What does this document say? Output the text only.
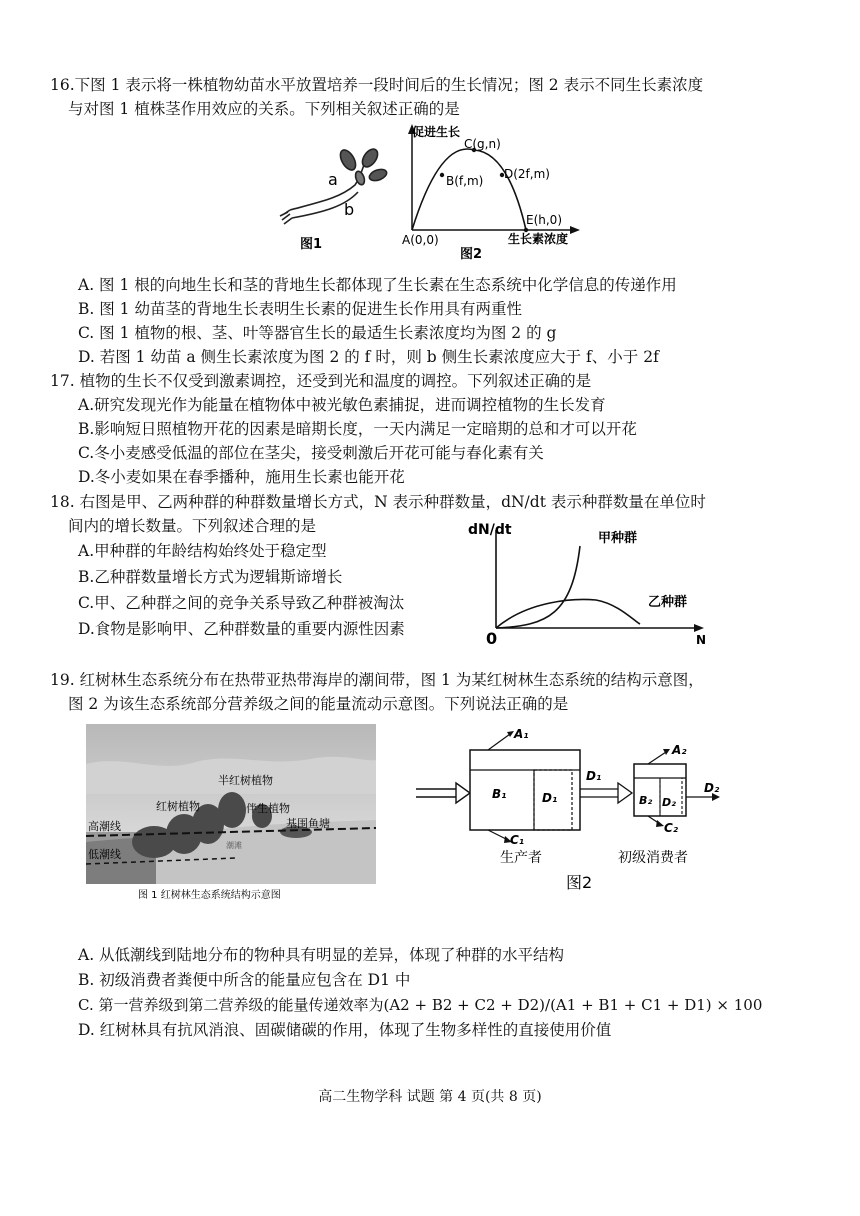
16.下图 1 表示将一株植物幼苗水平放置培养一段时间后的生长情况；图 2 表示不同生长素浓度
与对图 1 植株茎作用效应的关系。下列相关叙述正确的是
a
b
图1
促进生长
C(g,n)
B(f,m) D(2f,m)
E(h,0)
A(0,0)	生长素浓度
图2
A. 图 1 根的向地生长和茎的背地生长都体现了生长素在生态系统中化学信息的传递作用
B. 图 1 幼苗茎的背地生长表明生长素的促进生长作用具有两重性
C. 图 1 植物的根、茎、叶等器官生长的最适生长素浓度均为图 2 的 g
D. 若图 1 幼苗 a 侧生长素浓度为图 2 的 f 时，则 b 侧生长素浓度应大于 f、小于 2f
17. 植物的生长不仅受到激素调控，还受到光和温度的调控。下列叙述正确的是
A.研究发现光作为能量在植物体中被光敏色素捕捉，进而调控植物的生长发育
B.影响短日照植物开花的因素是暗期长度，一天内满足一定暗期的总和才可以开花
C.冬小麦感受低温的部位在茎尖，接受刺激后开花可能与春化素有关
D.冬小麦如果在春季播种，施用生长素也能开花
18. 右图是甲、乙两种群的种群数量增长方式，N 表示种群数量，dN/dt 表示种群数量在单位时
间内的增长数量。下列叙述合理的是
A.甲种群的年龄结构始终处于稳定型
B.乙种群数量增长方式为逻辑斯谛增长
C.甲、乙种群之间的竞争关系导致乙种群被淘汰
D.食物是影响甲、乙种群数量的重要内源性因素
dN/dt
甲种群
乙种群
0	N
19. 红树林生态系统分布在热带亚热带海岸的潮间带，图 1 为某红树林生态系统的结构示意图，
图 2 为该生态系统部分营养级之间的能量流动示意图。下列说法正确的是
半红树植物
红树植物	伴生植物
基围鱼塘
高潮线
低潮线
潮滩
图 1 红树林生态系统结构示意图
A₁
B₁	D₁
C₁
D₁
A₂
B₂ D₂
C₂
D₂
生产者	初级消费者
图2
A. 从低潮线到陆地分布的物种具有明显的差异，体现了种群的水平结构
B. 初级消费者粪便中所含的能量应包含在 D1 中
C. 第一营养级到第二营养级的能量传递效率为(A2 + B2 + C2 + D2)/(A1 + B1 + C1 + D1) × 100
D. 红树林具有抗风消浪、固碳储碳的作用，体现了生物多样性的直接使用价值
高二生物学科 试题 第 4 页(共 8 页)
